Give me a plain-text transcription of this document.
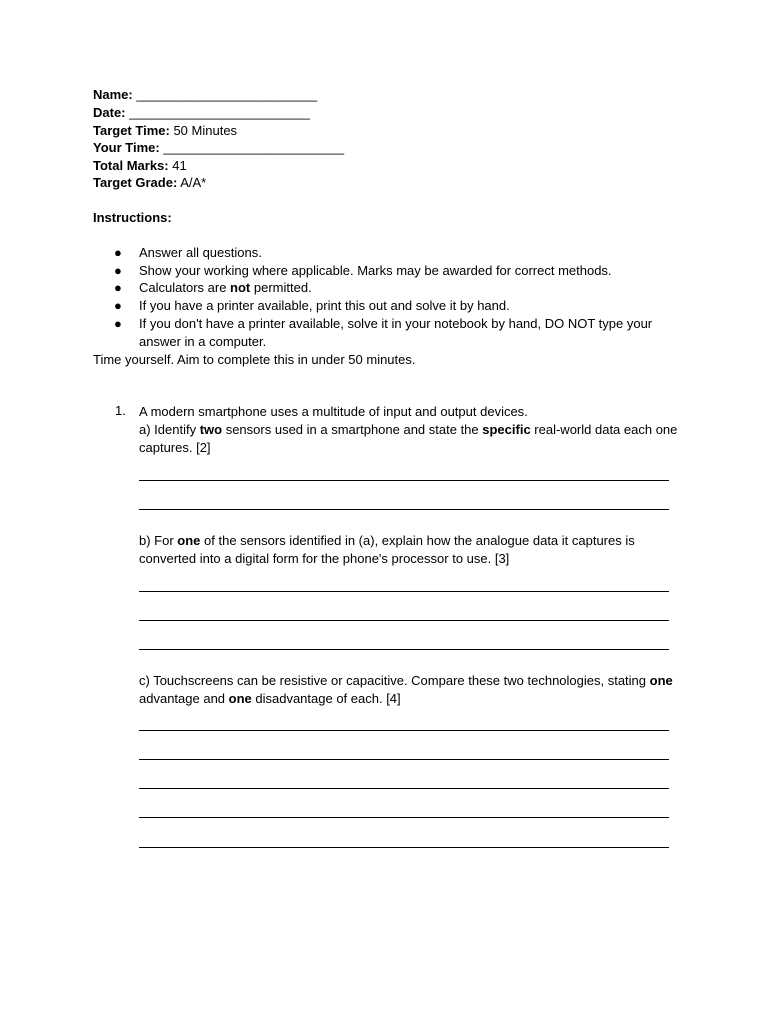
Name: _________________________
Date: _________________________
Target Time: 50 Minutes
Your Time: _________________________
Total Marks: 41
Target Grade: A/A*
Instructions:
● Answer all questions.
● Show your working where applicable. Marks may be awarded for correct methods.
● Calculators are not permitted.
● If you have a printer available, print this out and solve it by hand.
● If you don't have a printer available, solve it in your notebook by hand, DO NOT type your answer in a computer.
Time yourself. Aim to complete this in under 50 minutes.
1.	A modern smartphone uses a multitude of input and output devices.
a) Identify two sensors used in a smartphone and state the specific real-world data each one captures. [2]
b) For one of the sensors identified in (a), explain how the analogue data it captures is converted into a digital form for the phone's processor to use. [3]
c) Touchscreens can be resistive or capacitive. Compare these two technologies, stating one advantage and one disadvantage of each. [4]
